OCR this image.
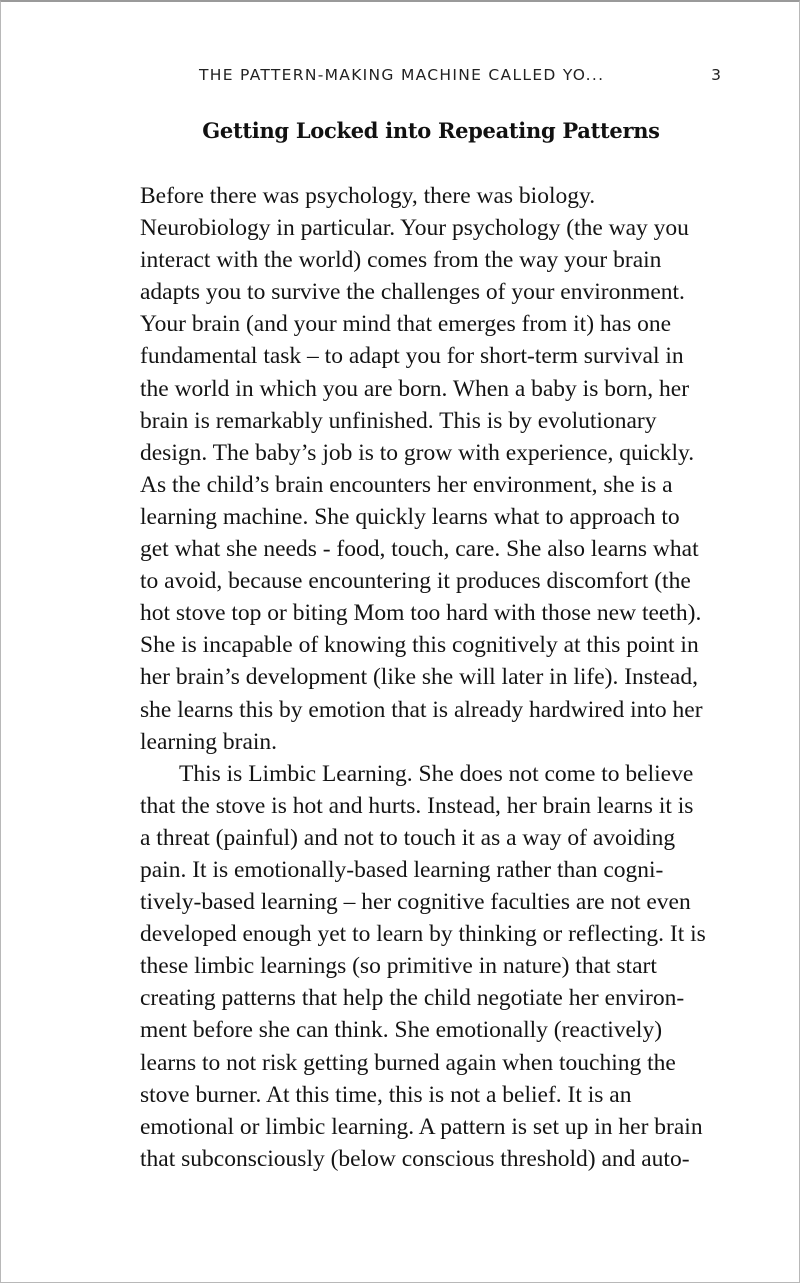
THE PATTERN-MAKING MACHINE CALLED YO...	3
Getting Locked into Repeating Patterns
Before there was psychology, there was biology.
Neurobiology in particular. Your psychology (the way you
interact with the world) comes from the way your brain
adapts you to survive the challenges of your environment.
Your brain (and your mind that emerges from it) has one
fundamental task – to adapt you for short-term survival in
the world in which you are born. When a baby is born, her
brain is remarkably unfinished. This is by evolutionary
design. The baby’s job is to grow with experience, quickly.
As the child’s brain encounters her environment, she is a
learning machine. She quickly learns what to approach to
get what she needs - food, touch, care. She also learns what
to avoid, because encountering it produces discomfort (the
hot stove top or biting Mom too hard with those new teeth).
She is incapable of knowing this cognitively at this point in
her brain’s development (like she will later in life). Instead,
she learns this by emotion that is already hardwired into her
learning brain.
This is Limbic Learning. She does not come to believe
that the stove is hot and hurts. Instead, her brain learns it is
a threat (painful) and not to touch it as a way of avoiding
pain. It is emotionally-based learning rather than cogni-
tively-based learning – her cognitive faculties are not even
developed enough yet to learn by thinking or reflecting. It is
these limbic learnings (so primitive in nature) that start
creating patterns that help the child negotiate her environ-
ment before she can think. She emotionally (reactively)
learns to not risk getting burned again when touching the
stove burner. At this time, this is not a belief. It is an
emotional or limbic learning. A pattern is set up in her brain
that subconsciously (below conscious threshold) and auto-
